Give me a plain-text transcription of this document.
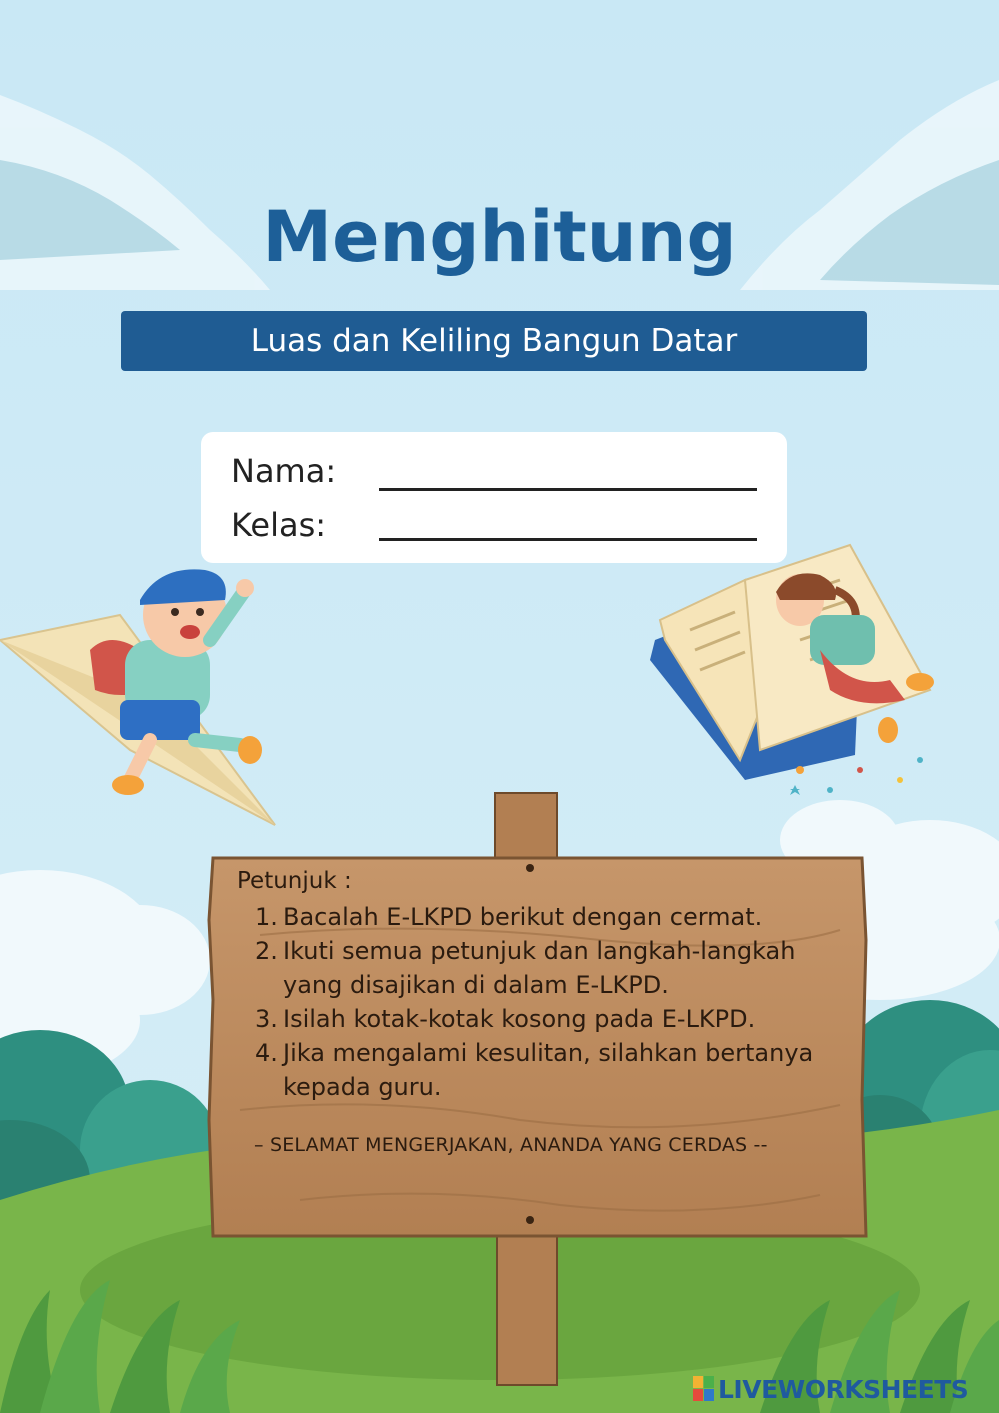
Menghitung
Luas dan Keliling Bangun Datar
Nama:
Kelas:
Petunjuk :
1. Bacalah E-LKPD berikut dengan cermat.
2. Ikuti semua petunjuk dan langkah-langkah yang disajikan di dalam E-LKPD.
3. Isilah kotak-kotak kosong pada E-LKPD.
4. Jika mengalami kesulitan, silahkan bertanya kepada guru.
– SELAMAT MENGERJAKAN, ANANDA YANG CERDAS --
LIVEWORKSHEETS
